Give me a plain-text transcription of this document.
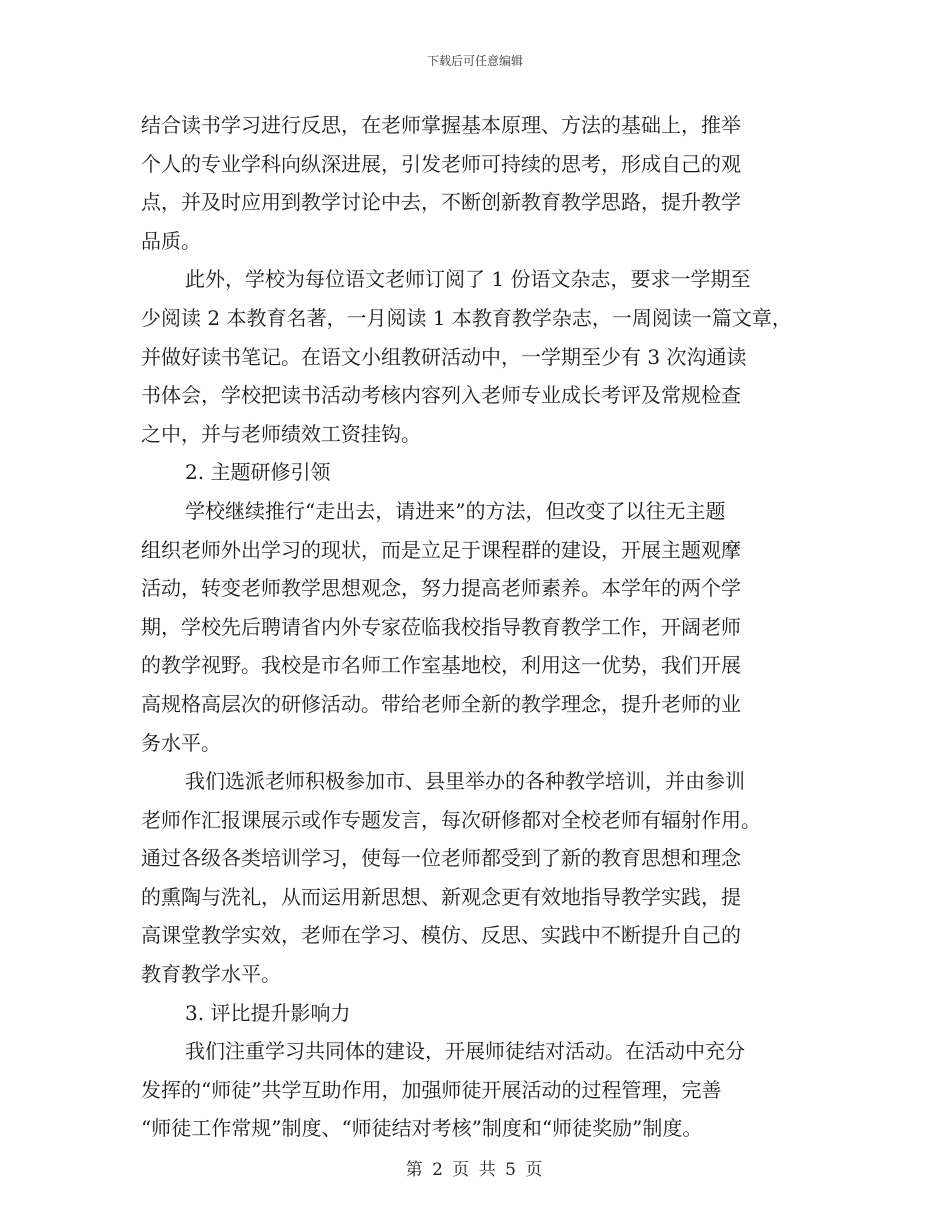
下载后可任意编辑
结合读书学习进行反思，在老师掌握基本原理、方法的基础上，推举
个人的专业学科向纵深进展，引发老师可持续的思考，形成自己的观
点，并及时应用到教学讨论中去，不断创新教育教学思路，提升教学
品质。
此外，学校为每位语文老师订阅了 1 份语文杂志，要求一学期至
少阅读 2 本教育名著，一月阅读 1 本教育教学杂志，一周阅读一篇文章，
并做好读书笔记。在语文小组教研活动中，一学期至少有 3 次沟通读
书体会，学校把读书活动考核内容列入老师专业成长考评及常规检查
之中，并与老师绩效工资挂钩。
2. 主题研修引领
学校继续推行“走出去，请进来”的方法，但改变了以往无主题
组织老师外出学习的现状，而是立足于课程群的建设，开展主题观摩
活动，转变老师教学思想观念，努力提高老师素养。本学年的两个学
期，学校先后聘请省内外专家莅临我校指导教育教学工作，开阔老师
的教学视野。我校是市名师工作室基地校，利用这一优势，我们开展
高规格高层次的研修活动。带给老师全新的教学理念，提升老师的业
务水平。
我们选派老师积极参加市、县里举办的各种教学培训，并由参训
老师作汇报课展示或作专题发言，每次研修都对全校老师有辐射作用。
通过各级各类培训学习，使每一位老师都受到了新的教育思想和理念
的熏陶与洗礼，从而运用新思想、新观念更有效地指导教学实践，提
高课堂教学实效，老师在学习、模仿、反思、实践中不断提升自己的
教育教学水平。
3. 评比提升影响力
我们注重学习共同体的建设，开展师徒结对活动。在活动中充分
发挥的“师徒”共学互助作用，加强师徒开展活动的过程管理，完善
“师徒工作常规”制度、“师徒结对考核”制度和“师徒奖励”制度。
第 2 页 共 5 页
